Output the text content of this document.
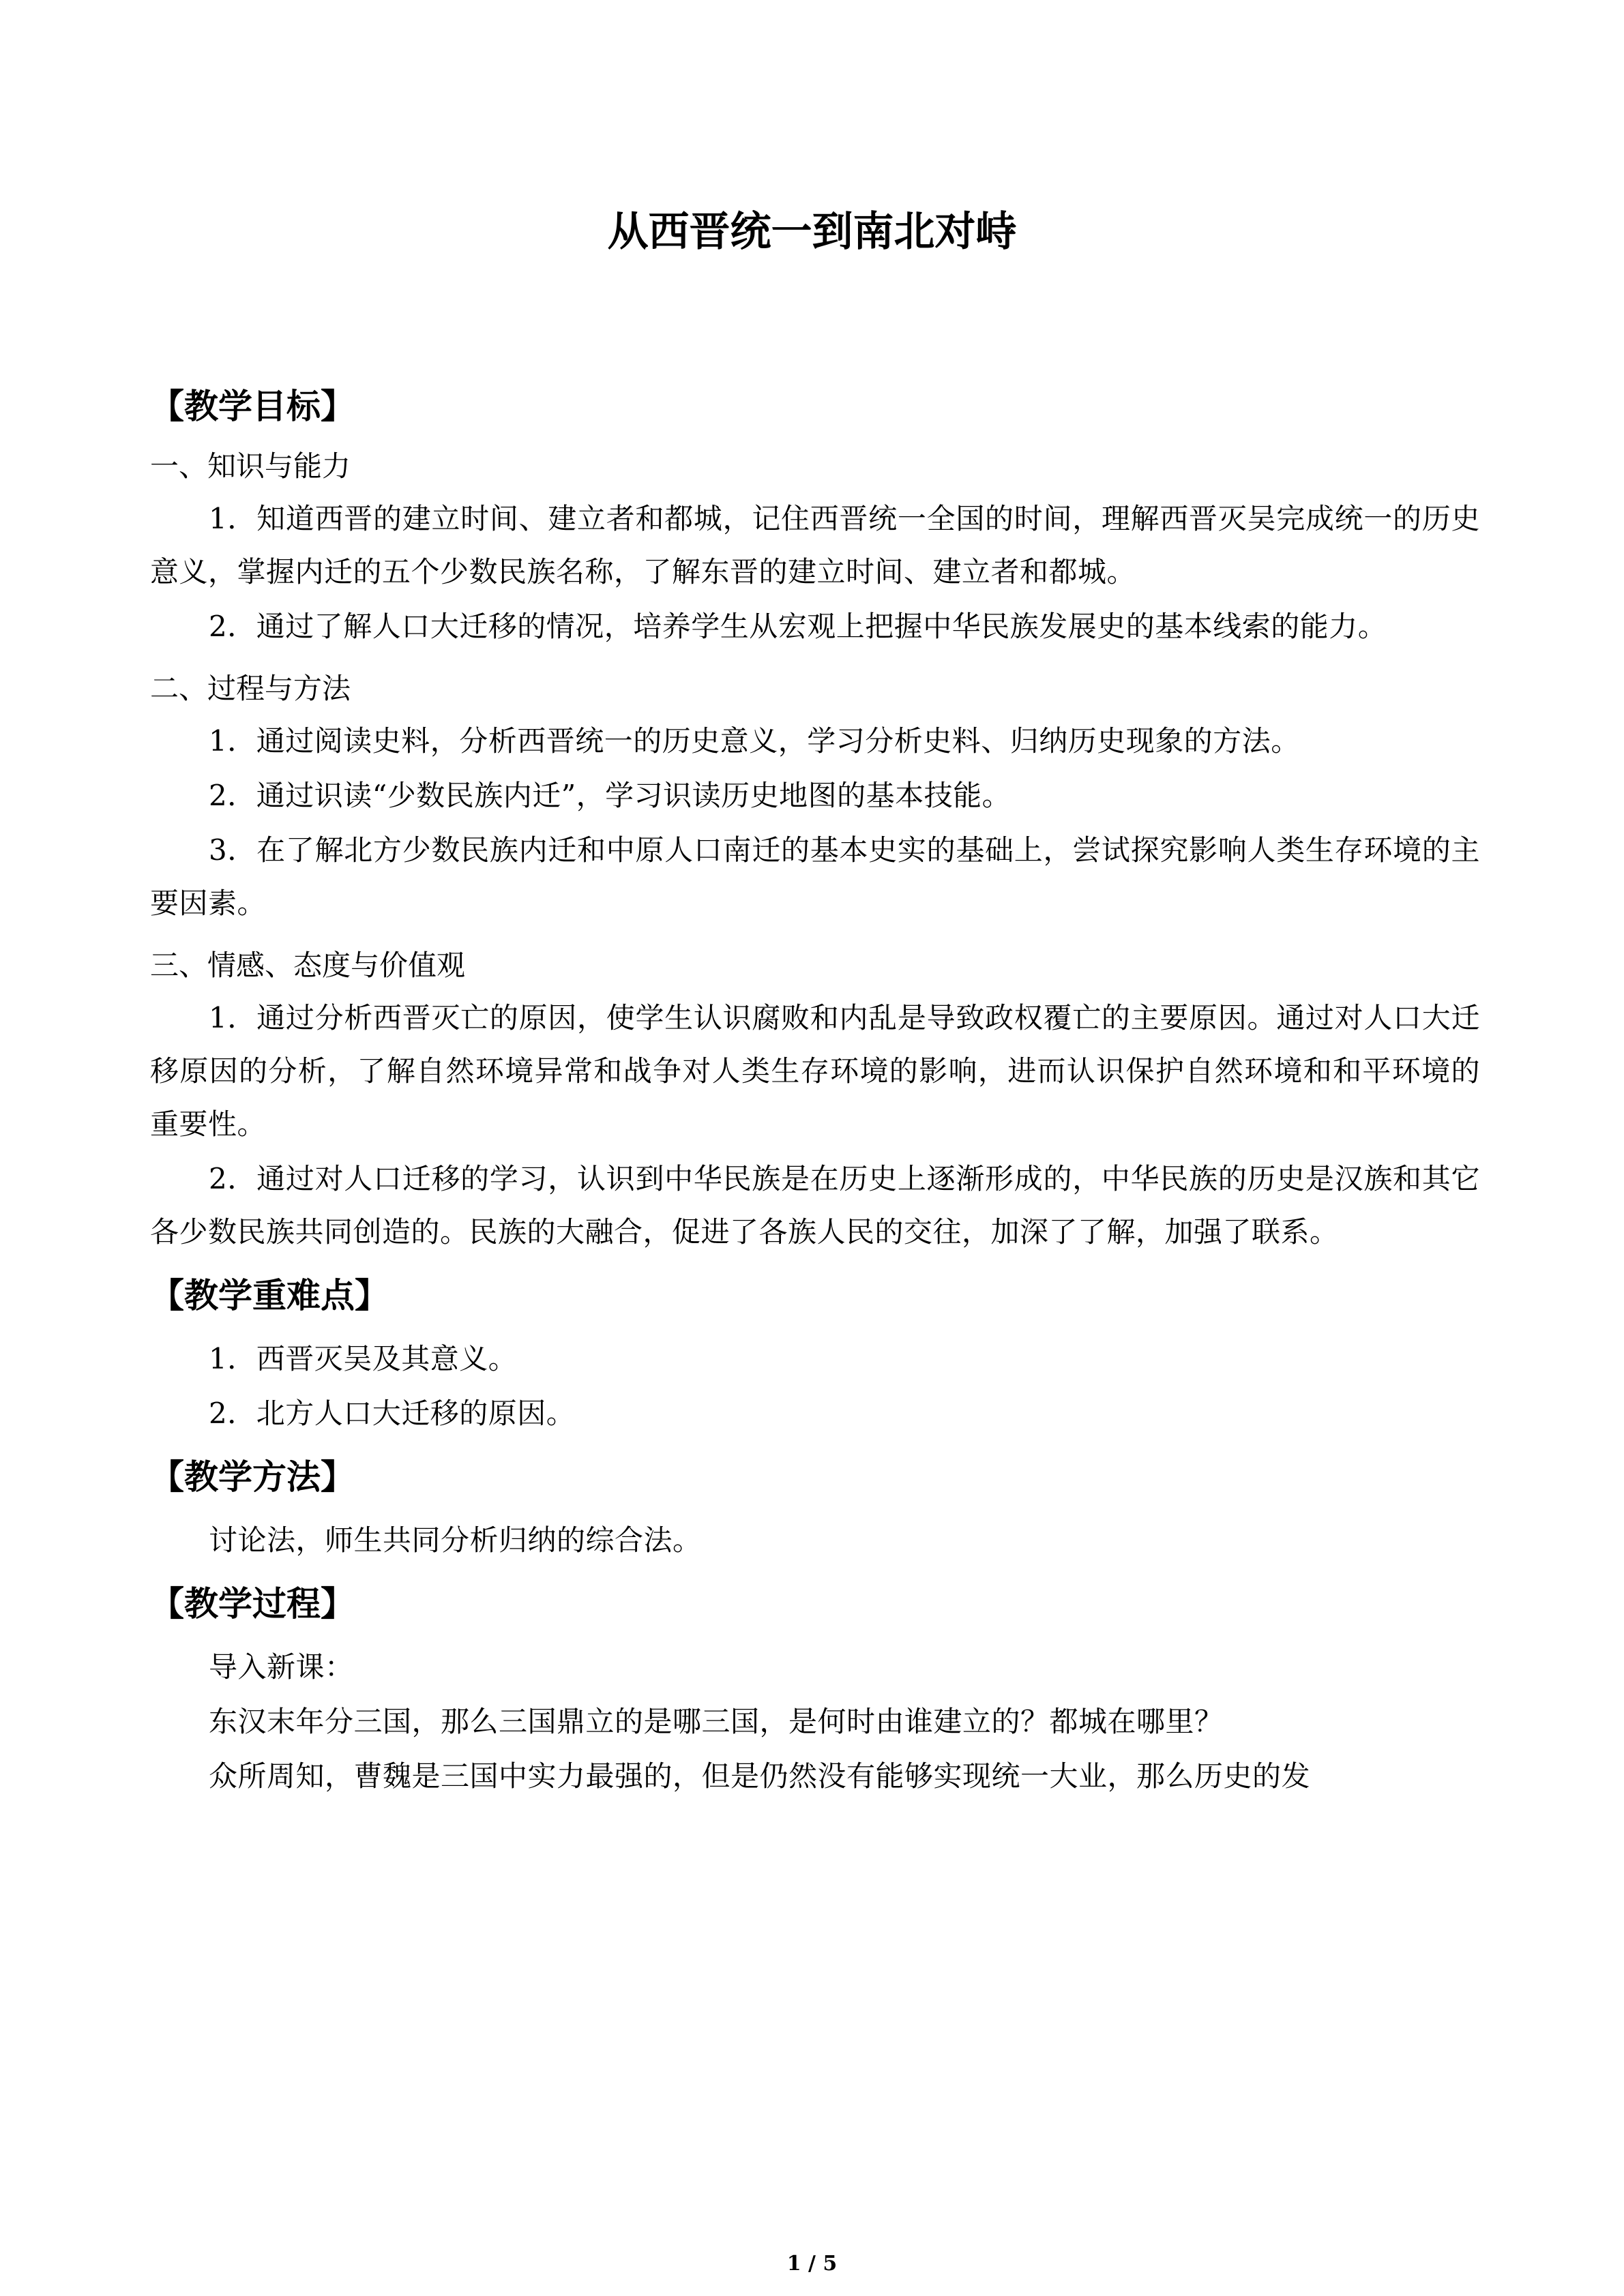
从西晋统一到南北对峙
【教学目标】

一、知识与能力

1．知道西晋的建立时间、建立者和都城，记住西晋统一全国的时间，理解西晋灭吴完成统一的历史意义，掌握内迁的五个少数民族名称，了解东晋的建立时间、建立者和都城。

2．通过了解人口大迁移的情况，培养学生从宏观上把握中华民族发展史的基本线索的能力。

二、过程与方法

1．通过阅读史料，分析西晋统一的历史意义，学习分析史料、归纳历史现象的方法。

2．通过识读“少数民族内迁”，学习识读历史地图的基本技能。

3．在了解北方少数民族内迁和中原人口南迁的基本史实的基础上，尝试探究影响人类生存环境的主要因素。

三、情感、态度与价值观

1．通过分析西晋灭亡的原因，使学生认识腐败和内乱是导致政权覆亡的主要原因。通过对人口大迁移原因的分析，了解自然环境异常和战争对人类生存环境的影响，进而认识保护自然环境和和平环境的重要性。

2．通过对人口迁移的学习，认识到中华民族是在历史上逐渐形成的，中华民族的历史是汉族和其它各少数民族共同创造的。民族的大融合，促进了各族人民的交往，加深了了解，加强了联系。

【教学重难点】

1．西晋灭吴及其意义。

2．北方人口大迁移的原因。

【教学方法】

讨论法，师生共同分析归纳的综合法。

【教学过程】

导入新课：

东汉末年分三国，那么三国鼎立的是哪三国，是何时由谁建立的？都城在哪里？

众所周知，曹魏是三国中实力最强的，但是仍然没有能够实现统一大业，那么历史的发

1 / 5
